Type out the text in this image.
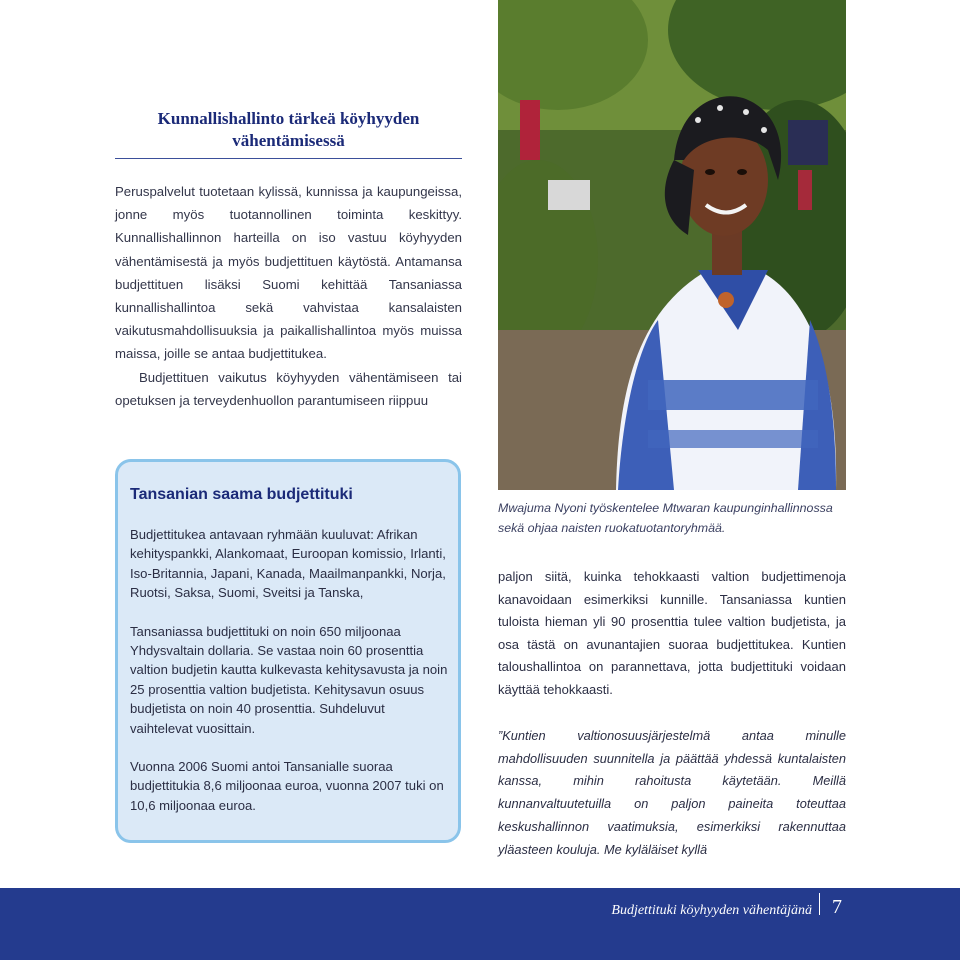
Kunnallishallinto tärkeä köyhyyden
vähentämisessä

Peruspalvelut tuotetaan kylissä, kunnissa ja kaupungeissa, jonne myös tuotannollinen toiminta keskittyy. Kunnallishallinnon harteilla on iso vastuu köyhyyden vähentämisestä ja myös budjettituen käytöstä. Antamansa budjettituen lisäksi Suomi kehittää Tansaniassa kunnallishallintoa sekä vahvistaa kansalaisten vaikutusmahdollisuuksia ja paikallishallintoa myös muissa maissa, joille se antaa budjettitukea.

Budjettituen vaikutus köyhyyden vähentämiseen tai opetuksen ja terveydenhuollon parantumiseen riippuu

Mwajuma Nyoni työskentelee Mtwaran kaupunginhallinnossa sekä ohjaa naisten ruokatuotantoryhmää.

paljon siitä, kuinka tehokkaasti valtion budjettimenoja kanavoidaan esimerkiksi kunnille. Tansaniassa kuntien tuloista hieman yli 90 prosenttia tulee valtion budjetista, ja osa tästä on avunantajien suoraa budjettitukea. Kuntien taloushallintoa on parannettava, jotta budjettituki voidaan käyttää tehokkaasti.

”Kuntien valtionosuusjärjestelmä antaa minulle mahdollisuuden suunnitella ja päättää yhdessä kuntalaisten kanssa, mihin rahoitusta käytetään. Meillä kunnanvaltuutetuilla on paljon paineita toteuttaa keskushallinnon vaatimuksia, esimerkiksi rakennuttaa yläasteen kouluja. Me kyläläiset kyllä
Tansanian saama budjettituki

Budjettitukea antavaan ryhmään kuuluvat: Afrikan kehityspankki, Alankomaat, Euroopan komissio, Irlanti, Iso-Britannia, Japani, Kanada, Maailmanpankki, Norja, Ruotsi, Saksa, Suomi, Sveitsi ja Tanska,

Tansaniassa budjettituki on noin 650 miljoonaa Yhdysvaltain dollaria. Se vastaa noin 60 prosenttia valtion budjetin kautta kulkevasta kehitysavusta ja noin 25 prosenttia valtion budjetista. Kehitysavun osuus budjetista on noin 40 prosenttia. Suhdeluvut vaihtelevat vuosittain.

Vuonna 2006 Suomi antoi Tansanialle suoraa budjettitukia 8,6 miljoonaa euroa, vuonna 2007 tuki on 10,6 miljoonaa euroa.

Budjettituki köyhyyden vähentäjänä 7
